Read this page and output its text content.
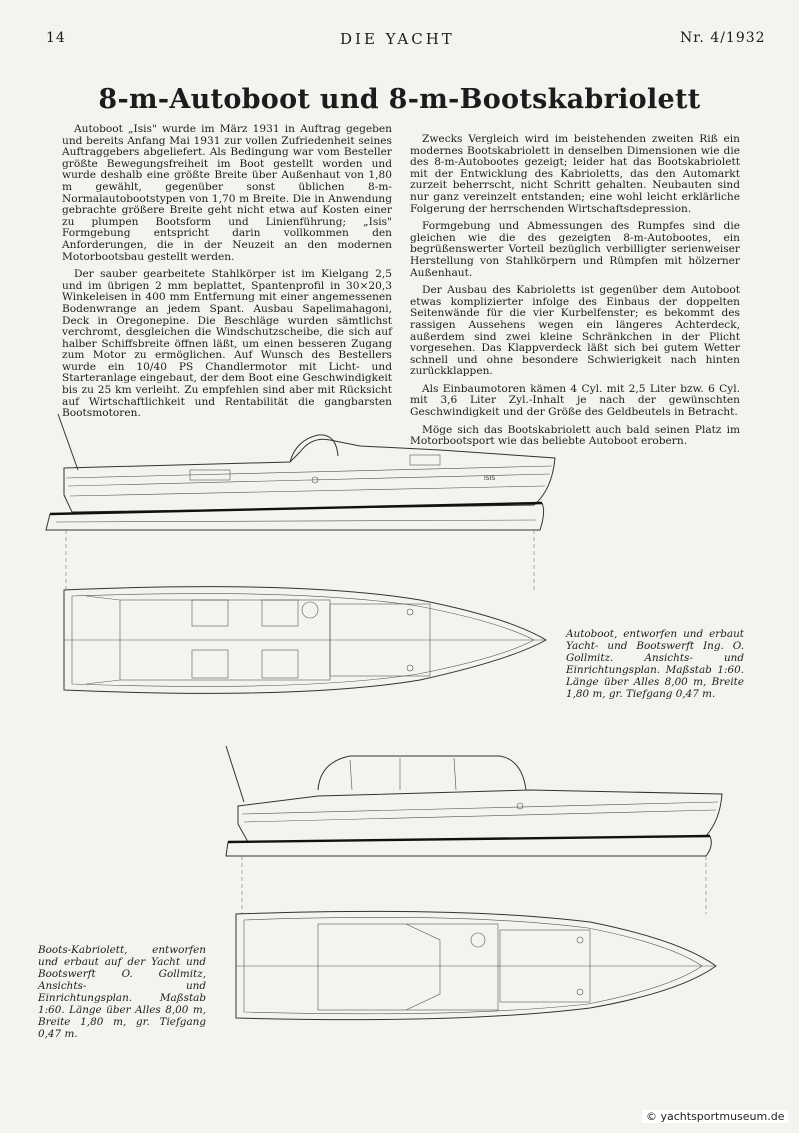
14	DIE YACHT	Nr. 4/1932
8-m-Autoboot und 8-m-Bootskabriolett

Autoboot „Isis" wurde im März 1931 in Auftrag gegeben und bereits Anfang Mai 1931 zur vollen Zufriedenheit seines Auftraggebers abgeliefert. Als Bedingung war vom Besteller größte Bewegungsfreiheit im Boot gestellt worden und wurde deshalb eine größte Breite über Außenhaut von 1,80 m gewählt, gegenüber sonst üblichen 8-m-Normalautobootstypen von 1,70 m Breite. Die in Anwendung gebrachte größere Breite geht nicht etwa auf Kosten einer zu plumpen Bootsform und Linienführung; „Isis" Formgebung entspricht darin vollkommen den Anforderungen, die in der Neuzeit an den modernen Motorbootsbau gestellt werden.

Der sauber gearbeitete Stahlkörper ist im Kielgang 2,5 und im übrigen 2 mm beplattet, Spantenprofil in 30×20,3 Winkeleisen in 400 mm Entfernung mit einer angemessenen Bodenwrange an jedem Spant. Ausbau Sapelimahagoni, Deck in Oregonepine. Die Beschläge wurden sämtlichst verchromt, desgleichen die Windschutzscheibe, die sich auf halber Schiffsbreite öffnen läßt, um einen besseren Zugang zum Motor zu ermöglichen. Auf Wunsch des Bestellers wurde ein 10/40 PS Chandlermotor mit Licht- und Starteranlage eingebaut, der dem Boot eine Geschwindigkeit bis zu 25 km verleiht. Zu empfehlen sind aber mit Rücksicht auf Wirtschaftlichkeit und Rentabilität die gangbarsten Bootsmotoren.

Zwecks Vergleich wird im beistehenden zweiten Riß ein modernes Bootskabriolett in denselben Dimensionen wie die des 8-m-Autobootes gezeigt; leider hat das Bootskabriolett mit der Entwicklung des Kabrioletts, das den Automarkt zurzeit beherrscht, nicht Schritt gehalten. Neubauten sind nur ganz vereinzelt entstanden; eine wohl leicht erklärliche Folgerung der herrschenden Wirtschaftsdepression.

Formgebung und Abmessungen des Rumpfes sind die gleichen wie die des gezeigten 8-m-Autobootes, ein begrüßenswerter Vorteil bezüglich verbilligter serienweiser Herstellung von Stahlkörpern und Rümpfen mit hölzerner Außenhaut.

Der Ausbau des Kabrioletts ist gegenüber dem Autoboot etwas komplizierter infolge des Einbaus der doppelten Seitenwände für die vier Kurbelfenster; es bekommt des rassigen Aussehens wegen ein längeres Achterdeck, außerdem sind zwei kleine Schränkchen in der Plicht vorgesehen. Das Klappverdeck läßt sich bei gutem Wetter schnell und ohne besondere Schwierigkeit nach hinten zurückklappen.

Als Einbaumotoren kämen 4 Cyl. mit 2,5 Liter bzw. 6 Cyl. mit 3,6 Liter Zyl.-Inhalt je nach der gewünschten Geschwindigkeit und der Größe des Geldbeutels in Betracht.

Möge sich das Bootskabriolett auch bald seinen Platz im Motorbootsport wie das beliebte Autoboot erobern.

ISIS
Autoboot, entworfen und erbaut Yacht- und Bootswerft Ing. O. Gollmitz. Ansichts- und Einrichtungsplan. Maßstab 1:60. Länge über Alles 8,00 m, Breite 1,80 m, gr. Tiefgang 0,47 m.
Boots-Kabriolett, entworfen und erbaut auf der Yacht und Bootswerft O. Gollmitz, Ansichts- und Einrichtungsplan. Maßstab 1:60. Länge über Alles 8,00 m, Breite 1,80 m, gr. Tiefgang 0,47 m.
© yachtsportmuseum.de
